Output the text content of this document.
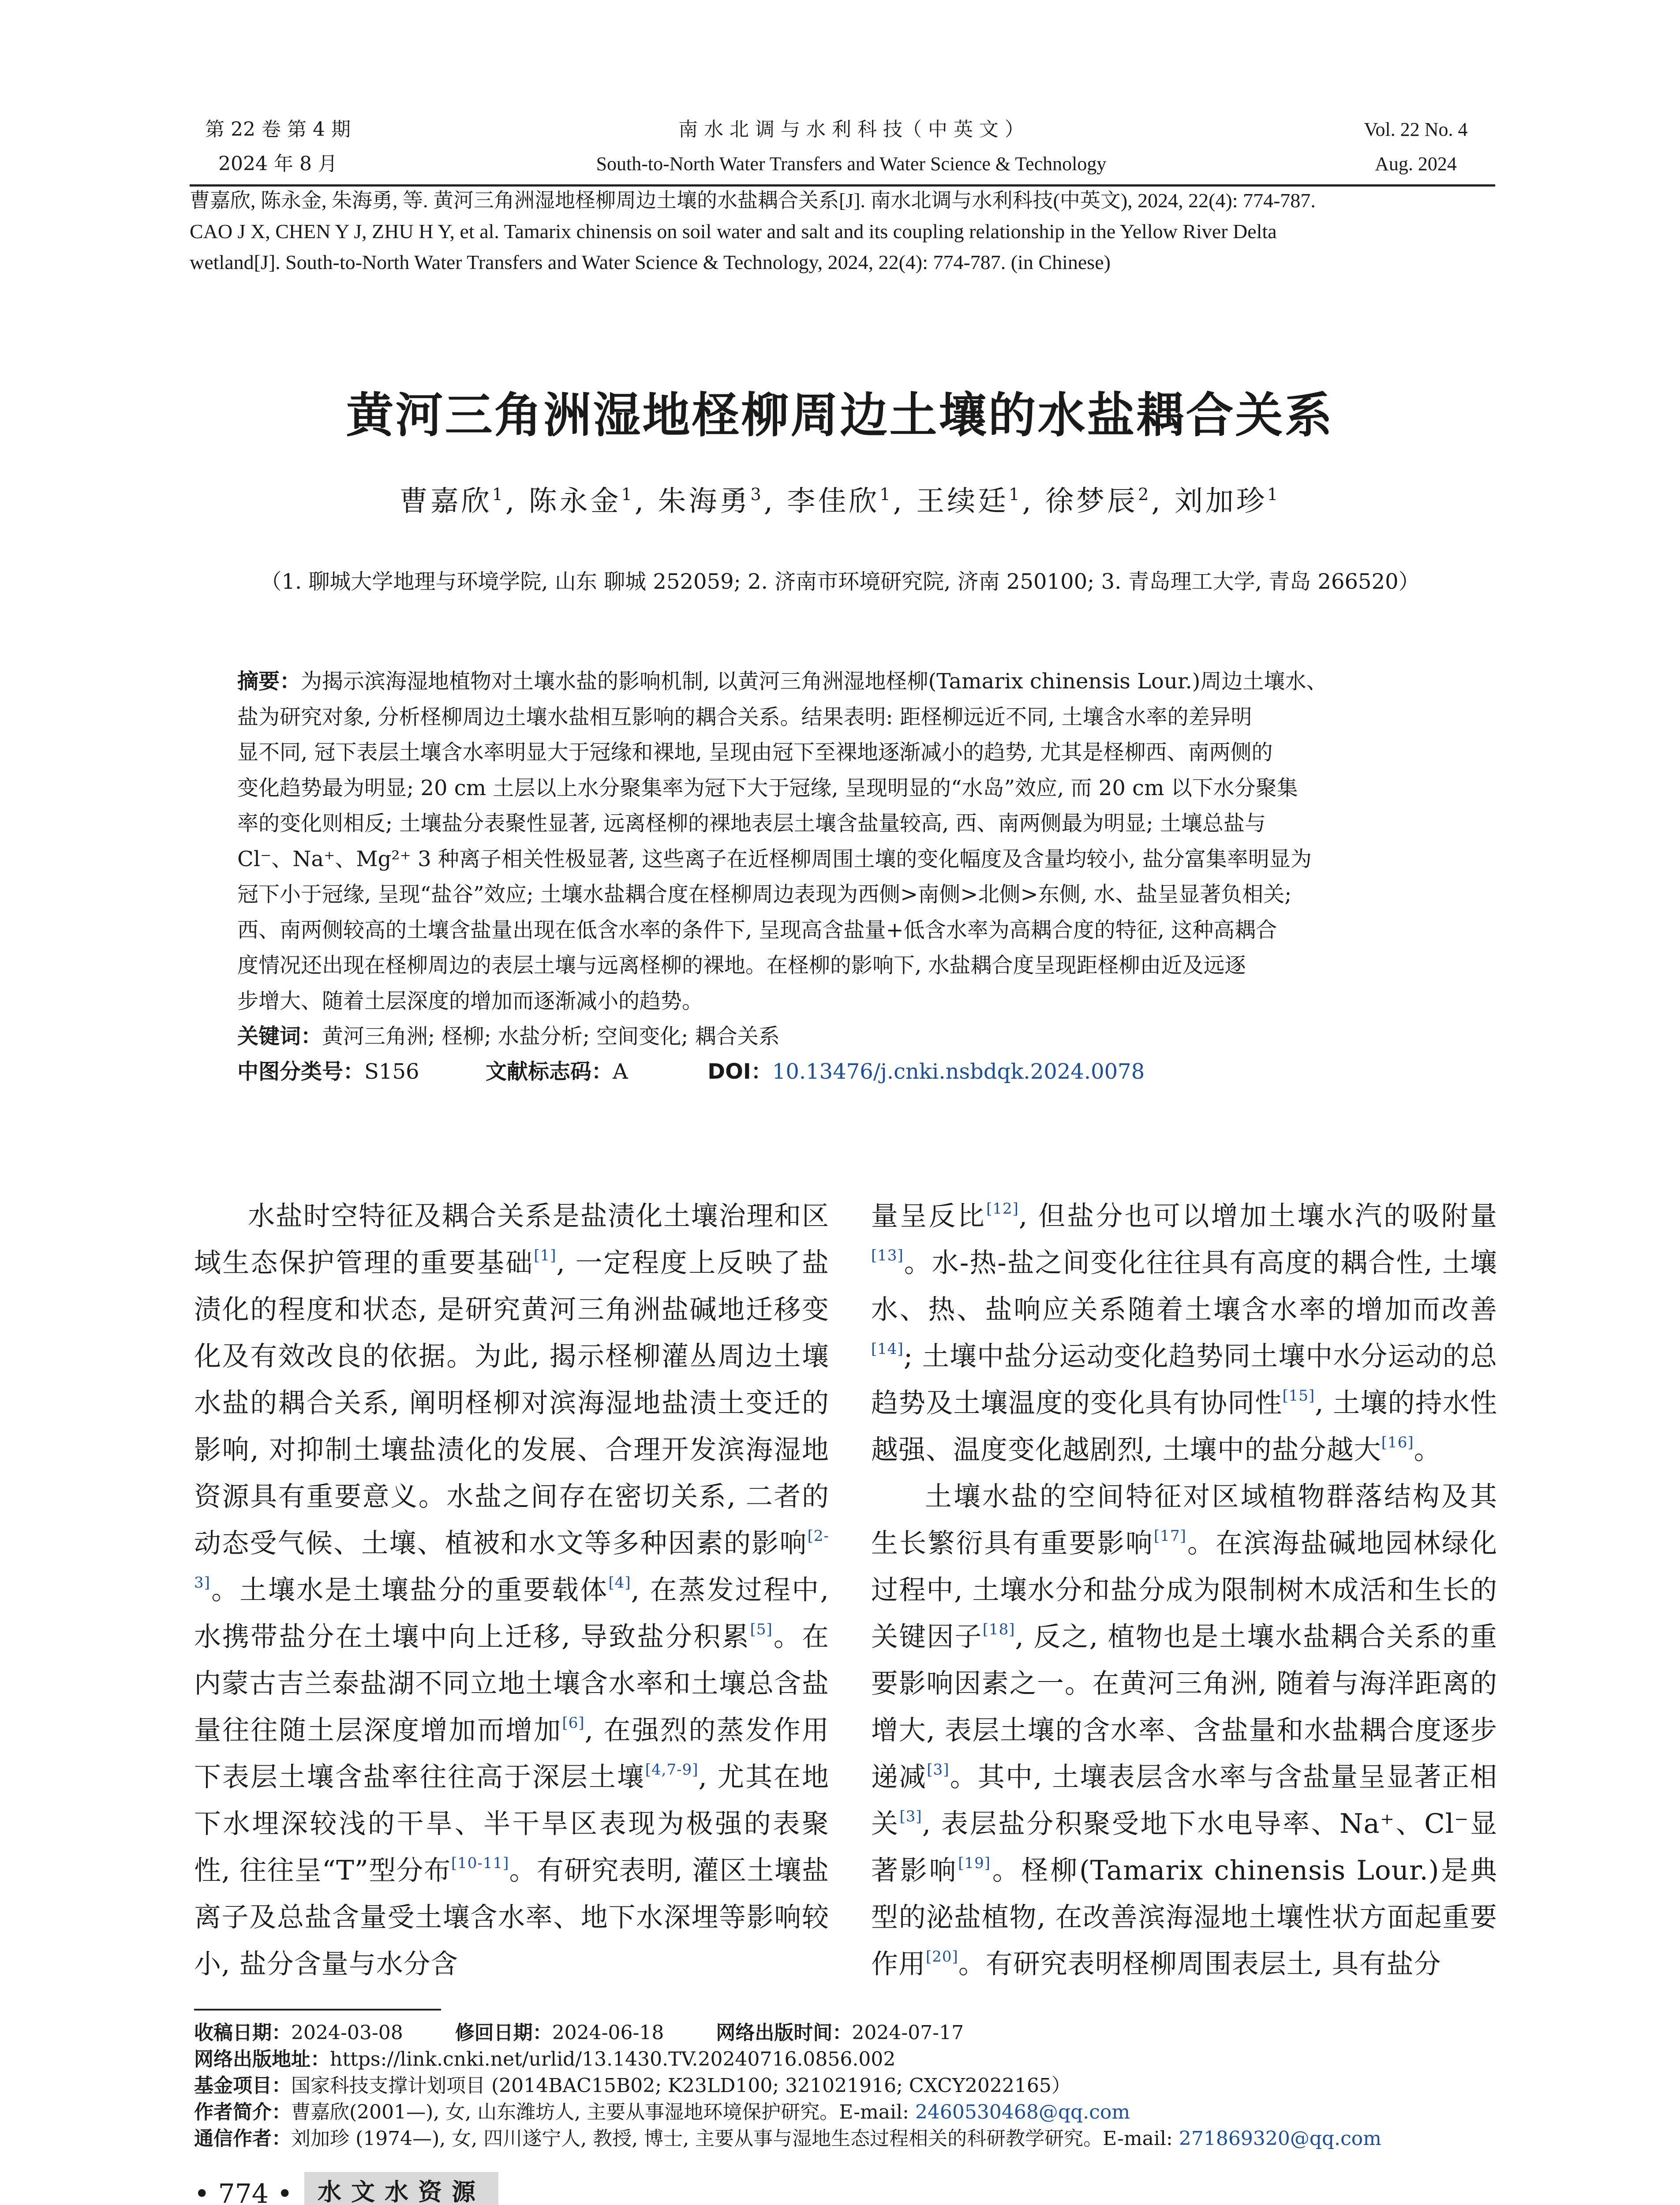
第 22 卷 第 4 期
2024 年 8 月
南 水 北 调 与 水 利 科 技（ 中 英 文 ）
South-to-North Water Transfers and Water Science & Technology
Vol. 22 No. 4
Aug. 2024
曹嘉欣, 陈永金, 朱海勇, 等. 黄河三角洲湿地柽柳周边土壤的水盐耦合关系[J]. 南水北调与水利科技(中英文), 2024, 22(4): 774-787.
CAO J X, CHEN Y J, ZHU H Y, et al. Tamarix chinensis on soil water and salt and its coupling relationship in the Yellow River Delta
wetland[J]. South-to-North Water Transfers and Water Science & Technology, 2024, 22(4): 774-787. (in Chinese)
黄河三角洲湿地柽柳周边土壤的水盐耦合关系
曹嘉欣$^1$, 陈永金$^1$, 朱海勇$^3$, 李佳欣$^1$, 王续廷$^1$, 徐梦辰$^2$, 刘加珍$^1$
（1. 聊城大学地理与环境学院, 山东 聊城 252059; 2. 济南市环境研究院, 济南 250100; 3. 青岛理工大学, 青岛 266520）
摘要：为揭示滨海湿地植物对土壤水盐的影响机制, 以黄河三角洲湿地柽柳(Tamarix chinensis Lour.)周边土壤水、
盐为研究对象, 分析柽柳周边土壤水盐相互影响的耦合关系。结果表明: 距柽柳远近不同, 土壤含水率的差异明
显不同, 冠下表层土壤含水率明显大于冠缘和裸地, 呈现由冠下至裸地逐渐减小的趋势, 尤其是柽柳西、南两侧的
变化趋势最为明显; 20 cm 土层以上水分聚集率为冠下大于冠缘, 呈现明显的“水岛”效应, 而 20 cm 以下水分聚集
率的变化则相反; 土壤盐分表聚性显著, 远离柽柳的裸地表层土壤含盐量较高, 西、南两侧最为明显; 土壤总盐与
Cl⁻、Na⁺、Mg²⁺ 3 种离子相关性极显著, 这些离子在近柽柳周围土壤的变化幅度及含量均较小, 盐分富集率明显为
冠下小于冠缘, 呈现“盐谷”效应; 土壤水盐耦合度在柽柳周边表现为西侧>南侧>北侧>东侧, 水、盐呈显著负相关;
西、南两侧较高的土壤含盐量出现在低含水率的条件下, 呈现高含盐量+低含水率为高耦合度的特征, 这种高耦合
度情况还出现在柽柳周边的表层土壤与远离柽柳的裸地。在柽柳的影响下, 水盐耦合度呈现距柽柳由近及远逐
步增大、随着土层深度的增加而逐渐减小的趋势。
关键词：黄河三角洲; 柽柳; 水盐分析; 空间变化; 耦合关系
中图分类号：S156	文献标志码：A	DOI：10.13476/j.cnki.nsbdqk.2024.0078

水盐时空特征及耦合关系是盐渍化土壤治理和区域生态保护管理的重要基础[1], 一定程度上反映了盐渍化的程度和状态, 是研究黄河三角洲盐碱地迁移变化及有效改良的依据。为此, 揭示柽柳灌丛周边土壤水盐的耦合关系, 阐明柽柳对滨海湿地盐渍土变迁的影响, 对抑制土壤盐渍化的发展、合理开发滨海湿地资源具有重要意义。水盐之间存在密切关系, 二者的动态受气候、土壤、植被和水文等多种因素的影响[2-3]。土壤水是土壤盐分的重要载体[4], 在蒸发过程中, 水携带盐分在土壤中向上迁移, 导致盐分积累[5]。在内蒙古吉兰泰盐湖不同立地土壤含水率和土壤总含盐量往往随土层深度增加而增加[6], 在强烈的蒸发作用下表层土壤含盐率往往高于深层土壤[4,7-9], 尤其在地下水埋深较浅的干旱、半干旱区表现为极强的表聚性, 往往呈“T”型分布[10-11]。有研究表明, 灌区土壤盐离子及总盐含量受土壤含水率、地下水深埋等影响较小, 盐分含量与水分含

量呈反比[12], 但盐分也可以增加土壤水汽的吸附量[13]。水-热-盐之间变化往往具有高度的耦合性, 土壤水、热、盐响应关系随着土壤含水率的增加而改善[14]; 土壤中盐分运动变化趋势同土壤中水分运动的总趋势及土壤温度的变化具有协同性[15], 土壤的持水性越强、温度变化越剧烈, 土壤中的盐分越大[16]。

土壤水盐的空间特征对区域植物群落结构及其生长繁衍具有重要影响[17]。在滨海盐碱地园林绿化过程中, 土壤水分和盐分成为限制树木成活和生长的关键因子[18], 反之, 植物也是土壤水盐耦合关系的重要影响因素之一。在黄河三角洲, 随着与海洋距离的增大, 表层土壤的含水率、含盐量和水盐耦合度逐步递减[3]。其中, 土壤表层含水率与含盐量呈显著正相关[3], 表层盐分积聚受地下水电导率、Na⁺、Cl⁻显著影响[19]。柽柳(Tamarix chinensis Lour.)是典型的泌盐植物, 在改善滨海湿地土壤性状方面起重要作用[20]。有研究表明柽柳周围表层土, 具有盐分

收稿日期：2024-03-08	修回日期：2024-06-18	网络出版时间：2024-07-17
网络出版地址：https://link.cnki.net/urlid/13.1430.TV.20240716.0856.002
基金项目：国家科技支撑计划项目 (2014BAC15B02; K23LD100; 321021916; CXCY2022165）
作者简介：曹嘉欣(2001—), 女, 山东潍坊人, 主要从事湿地环境保护研究。E-mail: 2460530468@qq.com
通信作者：刘加珍 (1974—), 女, 四川遂宁人, 教授, 博士, 主要从事与湿地生态过程相关的科研教学研究。E-mail: 271869320@qq.com
• 774 •	水文水资源
